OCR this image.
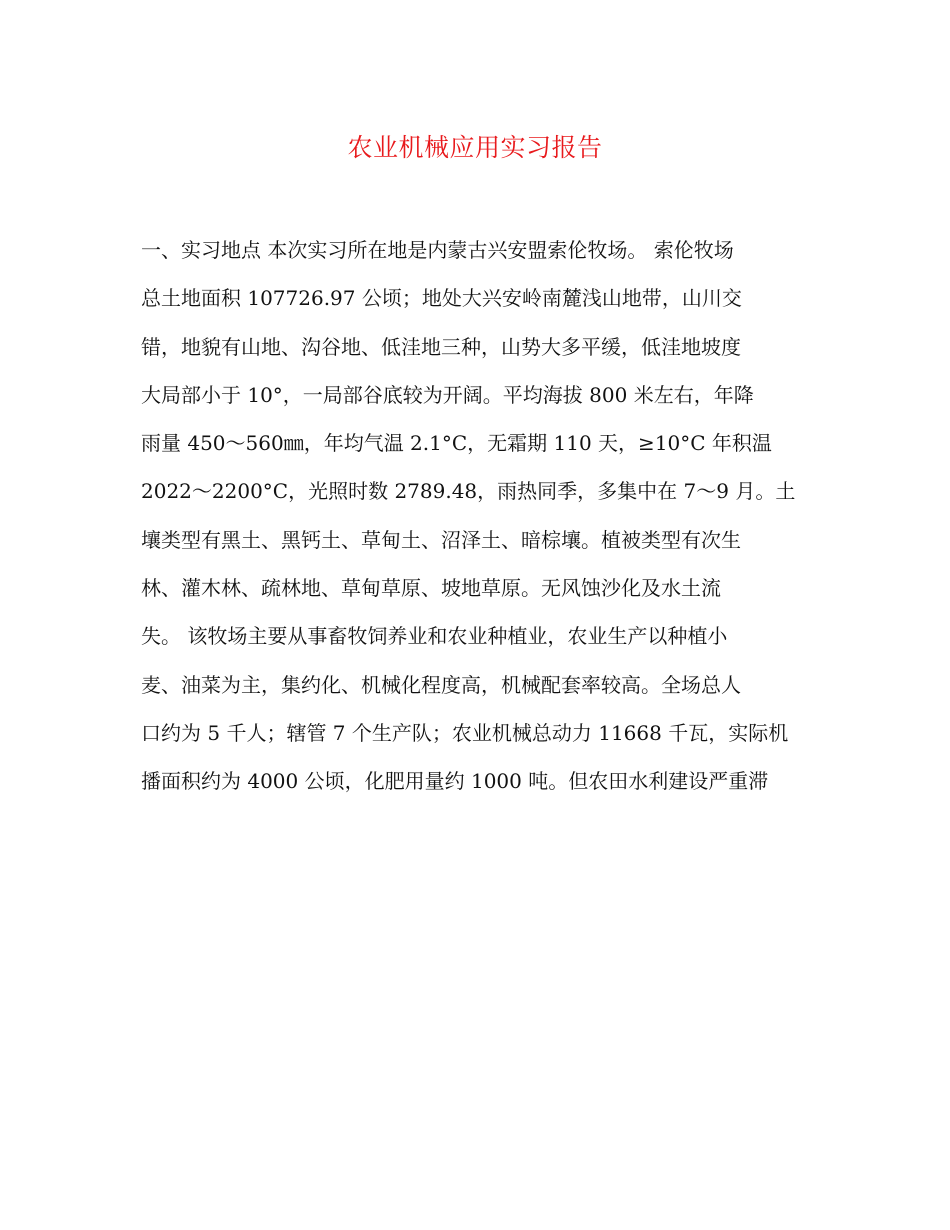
农业机械应用实习报告
一、实习地点 本次实习所在地是内蒙古兴安盟索伦牧场。 索伦牧场
总土地面积 107726.97 公顷；地处大兴安岭南麓浅山地带，山川交
错，地貌有山地、沟谷地、低洼地三种，山势大多平缓，低洼地坡度
大局部小于 10°，一局部谷底较为开阔。平均海拔 800 米左右，年降
雨量 450～560㎜，年均气温 2.1°C，无霜期 110 天，≥10°C 年积温
2022～2200°C，光照时数 2789.48，雨热同季，多集中在 7～9 月。土
壤类型有黑土、黑钙土、草甸土、沼泽土、暗棕壤。植被类型有次生
林、灌木林、疏林地、草甸草原、坡地草原。无风蚀沙化及水土流
失。 该牧场主要从事畜牧饲养业和农业种植业，农业生产以种植小
麦、油菜为主，集约化、机械化程度高，机械配套率较高。全场总人
口约为 5 千人；辖管 7 个生产队；农业机械总动力 11668 千瓦，实际机
播面积约为 4000 公顷，化肥用量约 1000 吨。但农田水利建设严重滞
